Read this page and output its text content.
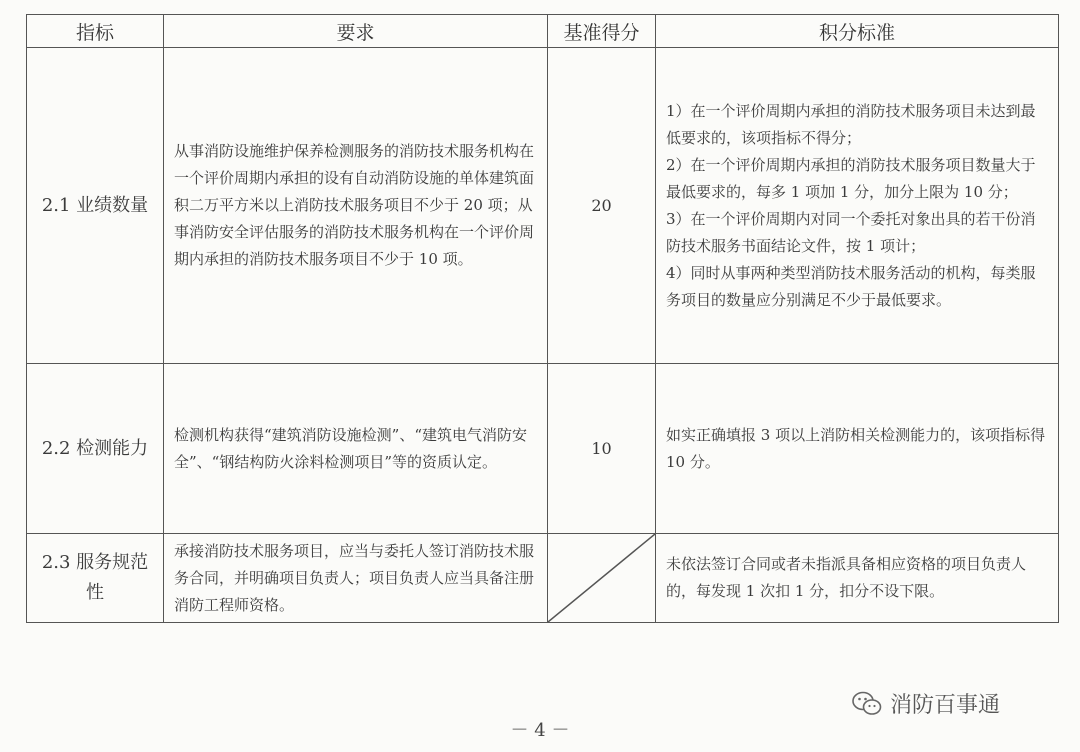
指标	要求	基准得分	积分标准
2.1 业绩数量	从事消防设施维护保养检测服务的消防技术服务机构在一个评价周期内承担的设有自动消防设施的单体建筑面积二万平方米以上消防技术服务项目不少于 20 项；从事消防安全评估服务的消防技术服务机构在一个评价周期内承担的消防技术服务项目不少于 10 项。	20	1）在一个评价周期内承担的消防技术服务项目未达到最低要求的，该项指标不得分；
2）在一个评价周期内承担的消防技术服务项目数量大于最低要求的，每多 1 项加 1 分，加分上限为 10 分；
3）在一个评价周期内对同一个委托对象出具的若干份消防技术服务书面结论文件，按 1 项计；
4）同时从事两种类型消防技术服务活动的机构，每类服务项目的数量应分别满足不少于最低要求。

2.2 检测能力	检测机构获得“建筑消防设施检测”、“建筑电气消防安全”、“钢结构防火涂料检测项目”等的资质认定。	10	如实正确填报 3 项以上消防相关检测能力的，该项指标得 10 分。

2.3 服务规范性	承接消防技术服务项目，应当与委托人签订消防技术服务合同，并明确项目负责人；项目负责人应当具备注册消防工程师资格。		未依法签订合同或者未指派具备相应资格的项目负责人的，每发现 1 次扣 1 分，扣分不设下限。
消防百事通
－ 4 －
